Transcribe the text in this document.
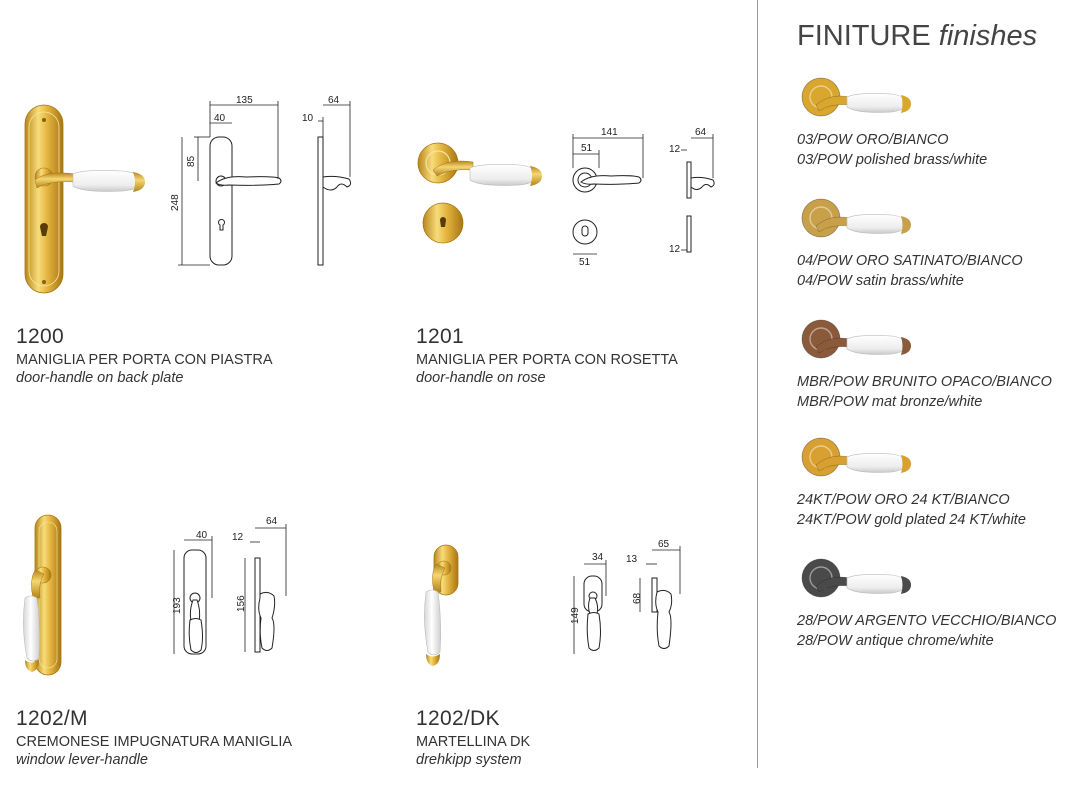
135
40
85
248
64
10
1200
MANIGLIA PER PORTA CON PIASTRA
door-handle on back plate
141
51
51
64
12
12
1201
MANIGLIA PER PORTA CON ROSETTA
door-handle on rose
40
193	156
64
12
1202/M
CREMONESE IMPUGNATURA MANIGLIA
window lever-handle
34
149
68
65
13
1202/DK
MARTELLINA DK
drehkipp system
FINITURE finishes
03/POW ORO/BIANCO
03/POW polished brass/white
04/POW ORO SATINATO/BIANCO
04/POW satin brass/white
MBR/POW BRUNITO OPACO/BIANCO
MBR/POW mat bronze/white
24KT/POW ORO 24 KT/BIANCO
24KT/POW gold plated 24 KT/white
28/POW ARGENTO VECCHIO/BIANCO
28/POW antique chrome/white
